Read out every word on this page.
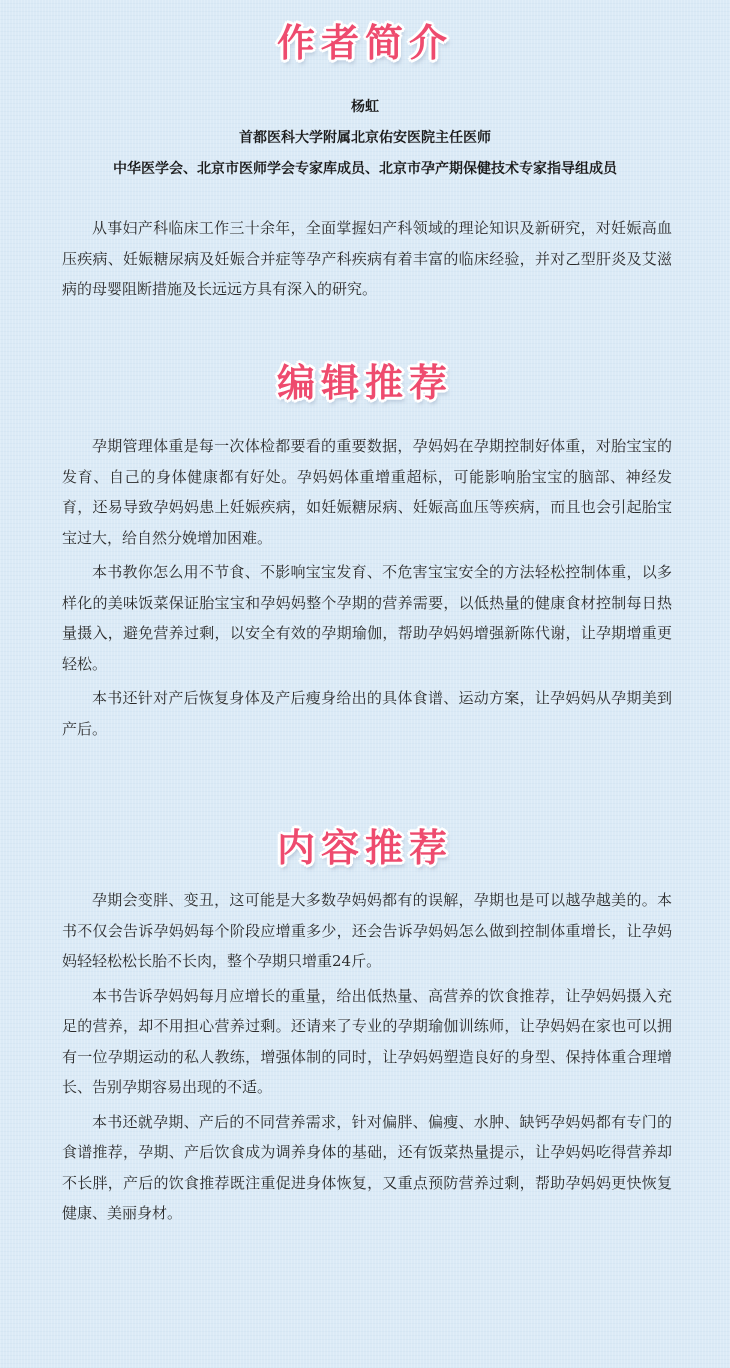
作者简介
杨虹
首都医科大学附属北京佑安医院主任医师
中华医学会、北京市医师学会专家库成员、北京市孕产期保健技术专家指导组成员

从事妇产科临床工作三十余年，全面掌握妇产科领域的理论知识及新研究，对妊娠高血压疾病、妊娠糖尿病及妊娠合并症等孕产科疾病有着丰富的临床经验，并对乙型肝炎及艾滋病的母婴阻断措施及长远远方具有深入的研究。

编辑推荐

孕期管理体重是每一次体检都要看的重要数据，孕妈妈在孕期控制好体重，对胎宝宝的发育、自己的身体健康都有好处。孕妈妈体重增重超标，可能影响胎宝宝的脑部、神经发育，还易导致孕妈妈患上妊娠疾病，如妊娠糖尿病、妊娠高血压等疾病，而且也会引起胎宝宝过大，给自然分娩增加困难。

本书教你怎么用不节食、不影响宝宝发育、不危害宝宝安全的方法轻松控制体重，以多样化的美味饭菜保证胎宝宝和孕妈妈整个孕期的营养需要，以低热量的健康食材控制每日热量摄入，避免营养过剩，以安全有效的孕期瑜伽，帮助孕妈妈增强新陈代谢，让孕期增重更轻松。

本书还针对产后恢复身体及产后瘦身给出的具体食谱、运动方案，让孕妈妈从孕期美到产后。

内容推荐

孕期会变胖、变丑，这可能是大多数孕妈妈都有的误解，孕期也是可以越孕越美的。本书不仅会告诉孕妈妈每个阶段应增重多少，还会告诉孕妈妈怎么做到控制体重增长，让孕妈妈轻轻松松长胎不长肉，整个孕期只增重24斤。

本书告诉孕妈妈每月应增长的重量，给出低热量、高营养的饮食推荐，让孕妈妈摄入充足的营养，却不用担心营养过剩。还请来了专业的孕期瑜伽训练师，让孕妈妈在家也可以拥有一位孕期运动的私人教练，增强体制的同时，让孕妈妈塑造良好的身型、保持体重合理增长、告别孕期容易出现的不适。

本书还就孕期、产后的不同营养需求，针对偏胖、偏瘦、水肿、缺钙孕妈妈都有专门的食谱推荐，孕期、产后饮食成为调养身体的基础，还有饭菜热量提示，让孕妈妈吃得营养却不长胖，产后的饮食推荐既注重促进身体恢复，又重点预防营养过剩，帮助孕妈妈更快恢复健康、美丽身材。
